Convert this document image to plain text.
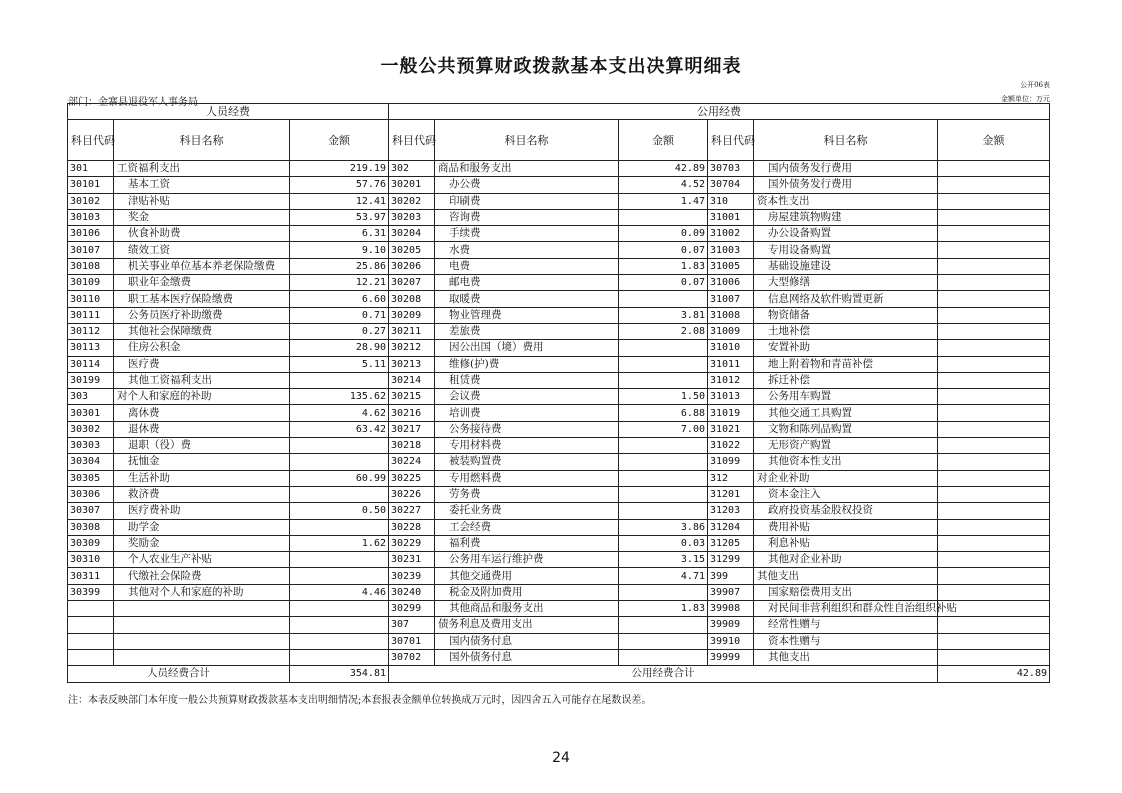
一般公共预算财政拨款基本支出决算明细表
公开06表
金额单位：万元
部门：金寨县退役军人事务局
人员经费			公用经费					
科目代码	科目名称	金额	科目代码	科目名称	金额	科目代码	科目名称	金额
301	工资福利支出	219.19	302	商品和服务支出	42.89	30703	国内债务发行费用	
30101	基本工资	57.76	30201	办公费	4.52	30704	国外债务发行费用	
30102	津贴补贴	12.41	30202	印刷费	1.47	310	资本性支出	
30103	奖金	53.97	30203	咨询费		31001	房屋建筑物购建	
30106	伙食补助费	6.31	30204	手续费	0.09	31002	办公设备购置	
30107	绩效工资	9.10	30205	水费	0.07	31003	专用设备购置	
30108	机关事业单位基本养老保险缴费	25.86	30206	电费	1.83	31005	基础设施建设	
30109	职业年金缴费	12.21	30207	邮电费	0.07	31006	大型修缮	
30110	职工基本医疗保险缴费	6.60	30208	取暖费		31007	信息网络及软件购置更新	
30111	公务员医疗补助缴费	0.71	30209	物业管理费	3.81	31008	物资储备	
30112	其他社会保障缴费	0.27	30211	差旅费	2.08	31009	土地补偿	
30113	住房公积金	28.90	30212	因公出国（境）费用		31010	安置补助	
30114	医疗费	5.11	30213	维修(护)费		31011	地上附着物和青苗补偿	
30199	其他工资福利支出		30214	租赁费		31012	拆迁补偿	
303	对个人和家庭的补助	135.62	30215	会议费	1.50	31013	公务用车购置	
30301	离休费	4.62	30216	培训费	6.88	31019	其他交通工具购置	
30302	退休费	63.42	30217	公务接待费	7.00	31021	文物和陈列品购置	
30303	退职（役）费		30218	专用材料费		31022	无形资产购置	
30304	抚恤金		30224	被装购置费		31099	其他资本性支出	
30305	生活补助	60.99	30225	专用燃料费		312	对企业补助	
30306	救济费		30226	劳务费		31201	资本金注入	
30307	医疗费补助	0.50	30227	委托业务费		31203	政府投资基金股权投资	
30308	助学金		30228	工会经费	3.86	31204	费用补贴	
30309	奖励金	1.62	30229	福利费	0.03	31205	利息补贴	
30310	个人农业生产补贴		30231	公务用车运行维护费	3.15	31299	其他对企业补助	
30311	代缴社会保险费		30239	其他交通费用	4.71	399	其他支出	
30399	其他对个人和家庭的补助	4.46	30240	税金及附加费用		39907	国家赔偿费用支出	
			30299	其他商品和服务支出	1.83	39908	对民间非营利组织和群众性自治组织补贴	
			307	债务利息及费用支出		39909	经常性赠与	
			30701	国内债务付息		39910	资本性赠与	
			30702	国外债务付息		39999	其他支出	
人员经费合计		354.81	公用经费合计					42.89
注：本表反映部门本年度一般公共预算财政拨款基本支出明细情况;本套报表金额单位转换成万元时，因四舍五入可能存在尾数误差。
24
